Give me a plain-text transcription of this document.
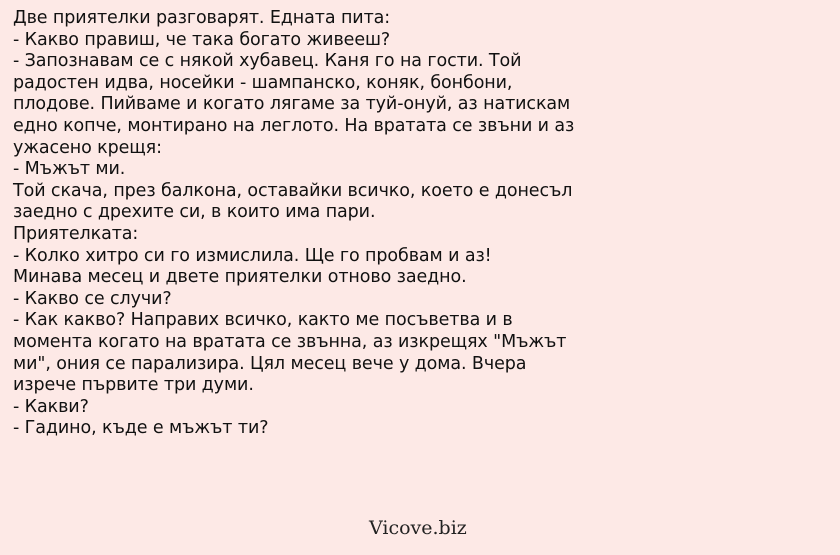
Две приятелки разговарят. Едната пита:
- Какво правиш, че така богато живееш?
- Запознавам се с някой хубавец. Каня го на гости. Той
радостен идва, носейки - шампанско, коняк, бонбони,
плодове. Пийваме и когато лягаме за туй-онуй, аз натискам
едно копче, монтирано на леглото. На вратата се звъни и аз
ужасено крещя:
- Мъжът ми.
Той скача, през балкона, оставайки всичко, което е донесъл
заедно с дрехите си, в които има пари.
Приятелката:
- Колко хитро си го измислила. Ще го пробвам и аз!
Минава месец и двете приятелки отново заедно.
- Какво се случи?
- Как какво? Направих всичко, както ме посъветва и в
момента когато на вратата се звънна, аз изкрещях "Мъжът
ми", ония се парализира. Цял месец вече у дома. Вчера
изрече първите три думи.
- Какви?
- Гадино, къде е мъжът ти?
Vicove.biz
